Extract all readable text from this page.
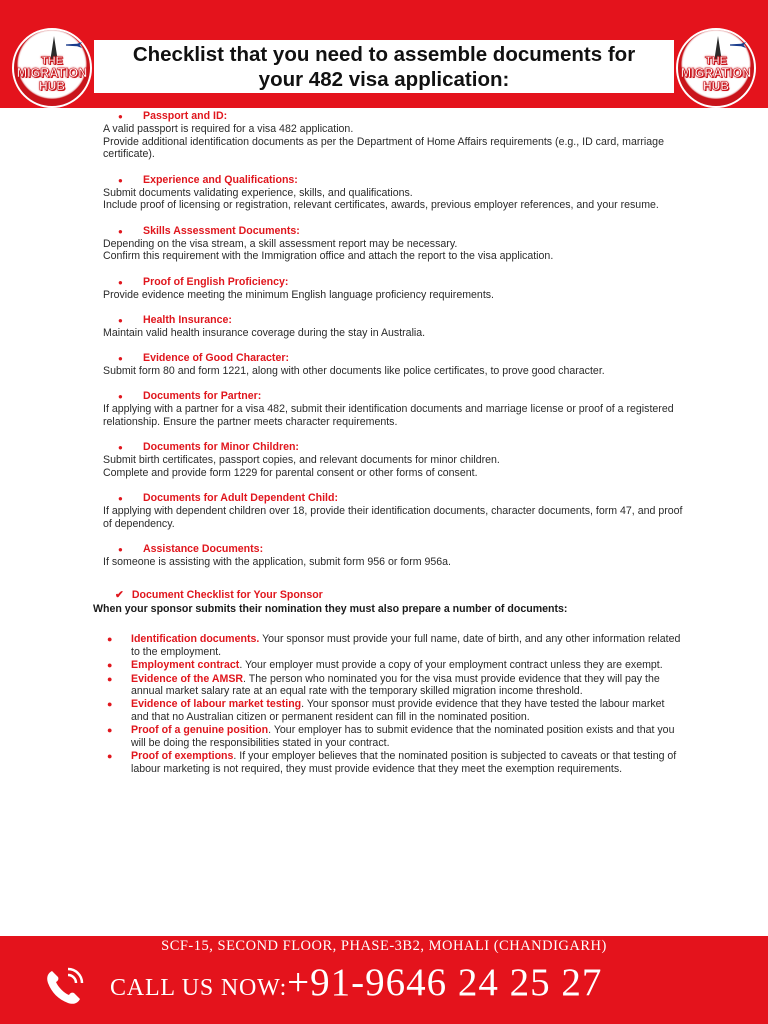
THE
MIGRATION
HUB
Checklist that you need to assemble documents for
your 482 visa application:
THE
MIGRATION
HUB
● Passport and ID:
A valid passport is required for a visa 482 application.
Provide additional identification documents as per the Department of Home Affairs requirements (e.g., ID card, marriage certificate).
● Experience and Qualifications:
Submit documents validating experience, skills, and qualifications.
Include proof of licensing or registration, relevant certificates, awards, previous employer references, and your resume.
● Skills Assessment Documents:
Depending on the visa stream, a skill assessment report may be necessary.
Confirm this requirement with the Immigration office and attach the report to the visa application.
● Proof of English Proficiency:
Provide evidence meeting the minimum English language proficiency requirements.
● Health Insurance:
Maintain valid health insurance coverage during the stay in Australia.
● Evidence of Good Character:
Submit form 80 and form 1221, along with other documents like police certificates, to prove good character.
● Documents for Partner:
If applying with a partner for a visa 482, submit their identification documents and marriage license or proof of a registered relationship. Ensure the partner meets character requirements.
● Documents for Minor Children:
Submit birth certificates, passport copies, and relevant documents for minor children.
Complete and provide form 1229 for parental consent or other forms of consent.
● Documents for Adult Dependent Child:
If applying with dependent children over 18, provide their identification documents, character documents, form 47, and proof of dependency.
● Assistance Documents:
If someone is assisting with the application, submit form 956 or form 956a.
✔ Document Checklist for Your Sponsor
When your sponsor submits their nomination they must also prepare a number of documents:
● Identification documents. Your sponsor must provide your full name, date of birth, and any other information related to the employment.
● Employment contract. Your employer must provide a copy of your employment contract unless they are exempt.
● Evidence of the AMSR. The person who nominated you for the visa must provide evidence that they will pay the annual market salary rate at an equal rate with the temporary skilled migration income threshold.
● Evidence of labour market testing. Your sponsor must provide evidence that they have tested the labour market and that no Australian citizen or permanent resident can fill in the nominated position.
● Proof of a genuine position. Your employer has to submit evidence that the nominated position exists and that you will be doing the responsibilities stated in your contract.
● Proof of exemptions. If your employer believes that the nominated position is subjected to caveats or that testing of labour marketing is not required, they must provide evidence that they meet the exemption requirements.
SCF-15, SECOND FLOOR, PHASE-3B2, MOHALI (CHANDIGARH)
CALL US NOW:+91-9646 24 25 27
